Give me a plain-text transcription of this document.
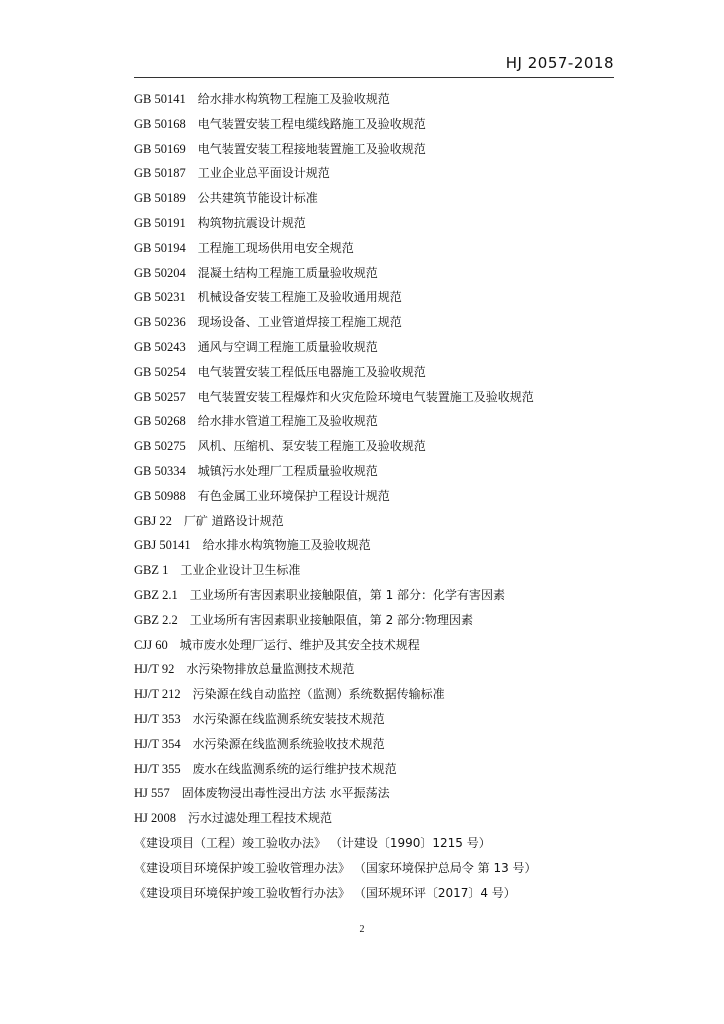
HJ 2057-2018
GB 50141 给水排水构筑物工程施工及验收规范
GB 50168 电气装置安装工程电缆线路施工及验收规范
GB 50169 电气装置安装工程接地装置施工及验收规范
GB 50187 工业企业总平面设计规范
GB 50189 公共建筑节能设计标准
GB 50191 构筑物抗震设计规范
GB 50194 工程施工现场供用电安全规范
GB 50204 混凝土结构工程施工质量验收规范
GB 50231 机械设备安装工程施工及验收通用规范
GB 50236 现场设备、工业管道焊接工程施工规范
GB 50243 通风与空调工程施工质量验收规范
GB 50254 电气装置安装工程低压电器施工及验收规范
GB 50257 电气装置安装工程爆炸和火灾危险环境电气装置施工及验收规范
GB 50268 给水排水管道工程施工及验收规范
GB 50275 风机、压缩机、泵安装工程施工及验收规范
GB 50334 城镇污水处理厂工程质量验收规范
GB 50988 有色金属工业环境保护工程设计规范
GBJ 22 厂矿 道路设计规范
GBJ 50141 给水排水构筑物施工及验收规范
GBZ 1 工业企业设计卫生标准
GBZ 2.1 工业场所有害因素职业接触限值，第 1 部分：化学有害因素
GBZ 2.2 工业场所有害因素职业接触限值，第 2 部分:物理因素
CJJ 60 城市废水处理厂运行、维护及其安全技术规程
HJ/T 92 水污染物排放总量监测技术规范
HJ/T 212 污染源在线自动监控（监测）系统数据传输标准
HJ/T 353 水污染源在线监测系统安装技术规范
HJ/T 354 水污染源在线监测系统验收技术规范
HJ/T 355 废水在线监测系统的运行维护技术规范
HJ 557 固体废物浸出毒性浸出方法 水平振荡法
HJ 2008 污水过滤处理工程技术规范
《建设项目（工程）竣工验收办法》 （计建设〔1990〕1215 号）
《建设项目环境保护竣工验收管理办法》 （国家环境保护总局令 第 13 号）
《建设项目环境保护竣工验收暂行办法》 （国环规环评〔2017〕4 号）
2
